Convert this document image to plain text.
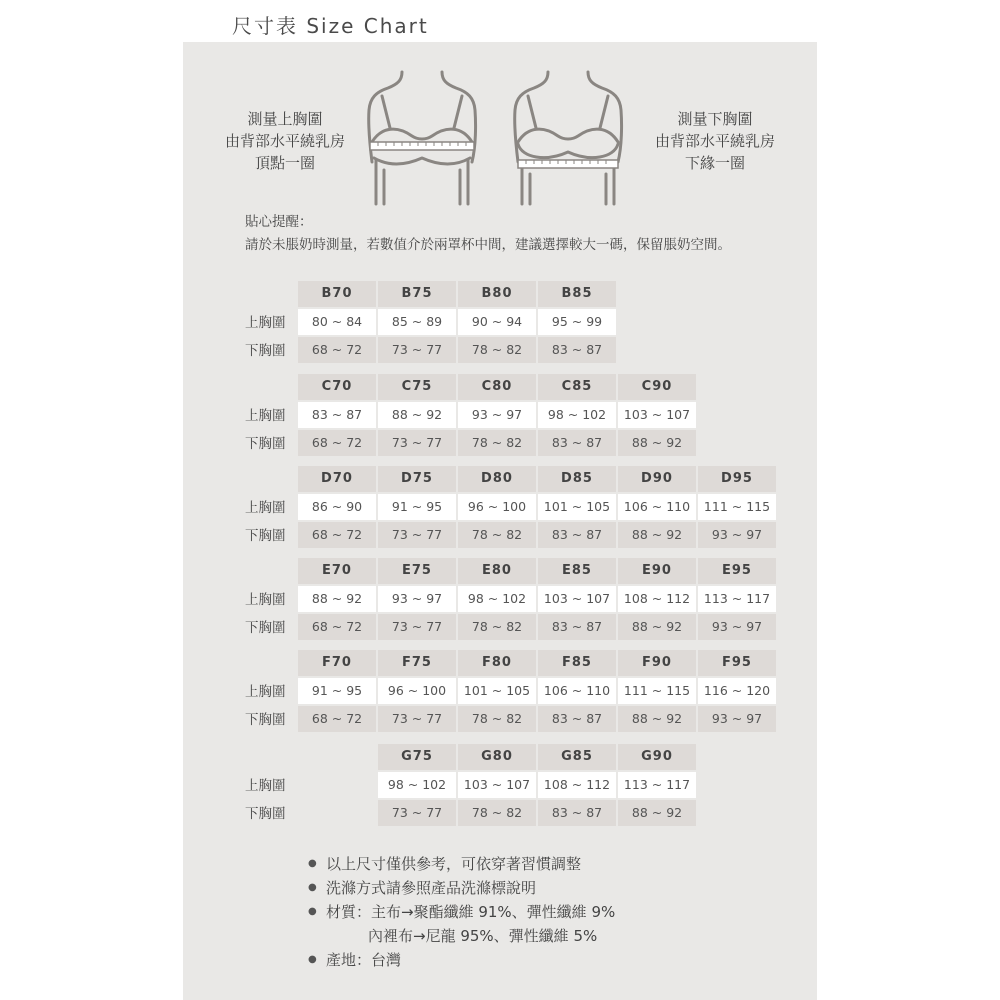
尺寸表 Size Chart
測量上胸圍
由背部水平繞乳房
頂點一圈
測量下胸圍
由背部水平繞乳房
下緣一圈
貼心提醒：
請於未脹奶時測量，若數值介於兩罩杯中間，建議選擇較大一碼，保留脹奶空間。
上胸圍
下胸圍
B70
80 ~ 84
68 ~ 72
B75
85 ~ 89
73 ~ 77
B80
90 ~ 94
78 ~ 82
B85
95 ~ 99
83 ~ 87
上胸圍
下胸圍
C70
83 ~ 87
68 ~ 72
C75
88 ~ 92
73 ~ 77
C80
93 ~ 97
78 ~ 82
C85
98 ~ 102
83 ~ 87
C90
103 ~ 107
88 ~ 92
上胸圍
下胸圍
D70
86 ~ 90
68 ~ 72
D75
91 ~ 95
73 ~ 77
D80
96 ~ 100
78 ~ 82
D85
101 ~ 105
83 ~ 87
D90
106 ~ 110
88 ~ 92
D95
111 ~ 115
93 ~ 97
上胸圍
下胸圍
E70
88 ~ 92
68 ~ 72
E75
93 ~ 97
73 ~ 77
E80
98 ~ 102
78 ~ 82
E85
103 ~ 107
83 ~ 87
E90
108 ~ 112
88 ~ 92
E95
113 ~ 117
93 ~ 97
上胸圍
下胸圍
F70
91 ~ 95
68 ~ 72
F75
96 ~ 100
73 ~ 77
F80
101 ~ 105
78 ~ 82
F85
106 ~ 110
83 ~ 87
F90
111 ~ 115
88 ~ 92
F95
116 ~ 120
93 ~ 97
上胸圍
下胸圍
G75
98 ~ 102
73 ~ 77
G80
103 ~ 107
78 ~ 82
G85
108 ~ 112
83 ~ 87
G90
113 ~ 117
88 ~ 92
● 以上尺寸僅供參考，可依穿著習慣調整
● 洗滌方式請參照產品洗滌標說明
● 材質：主布→聚酯纖維 91%、彈性纖維 9%
內裡布→尼龍 95%、彈性纖維 5%
● 產地：台灣
